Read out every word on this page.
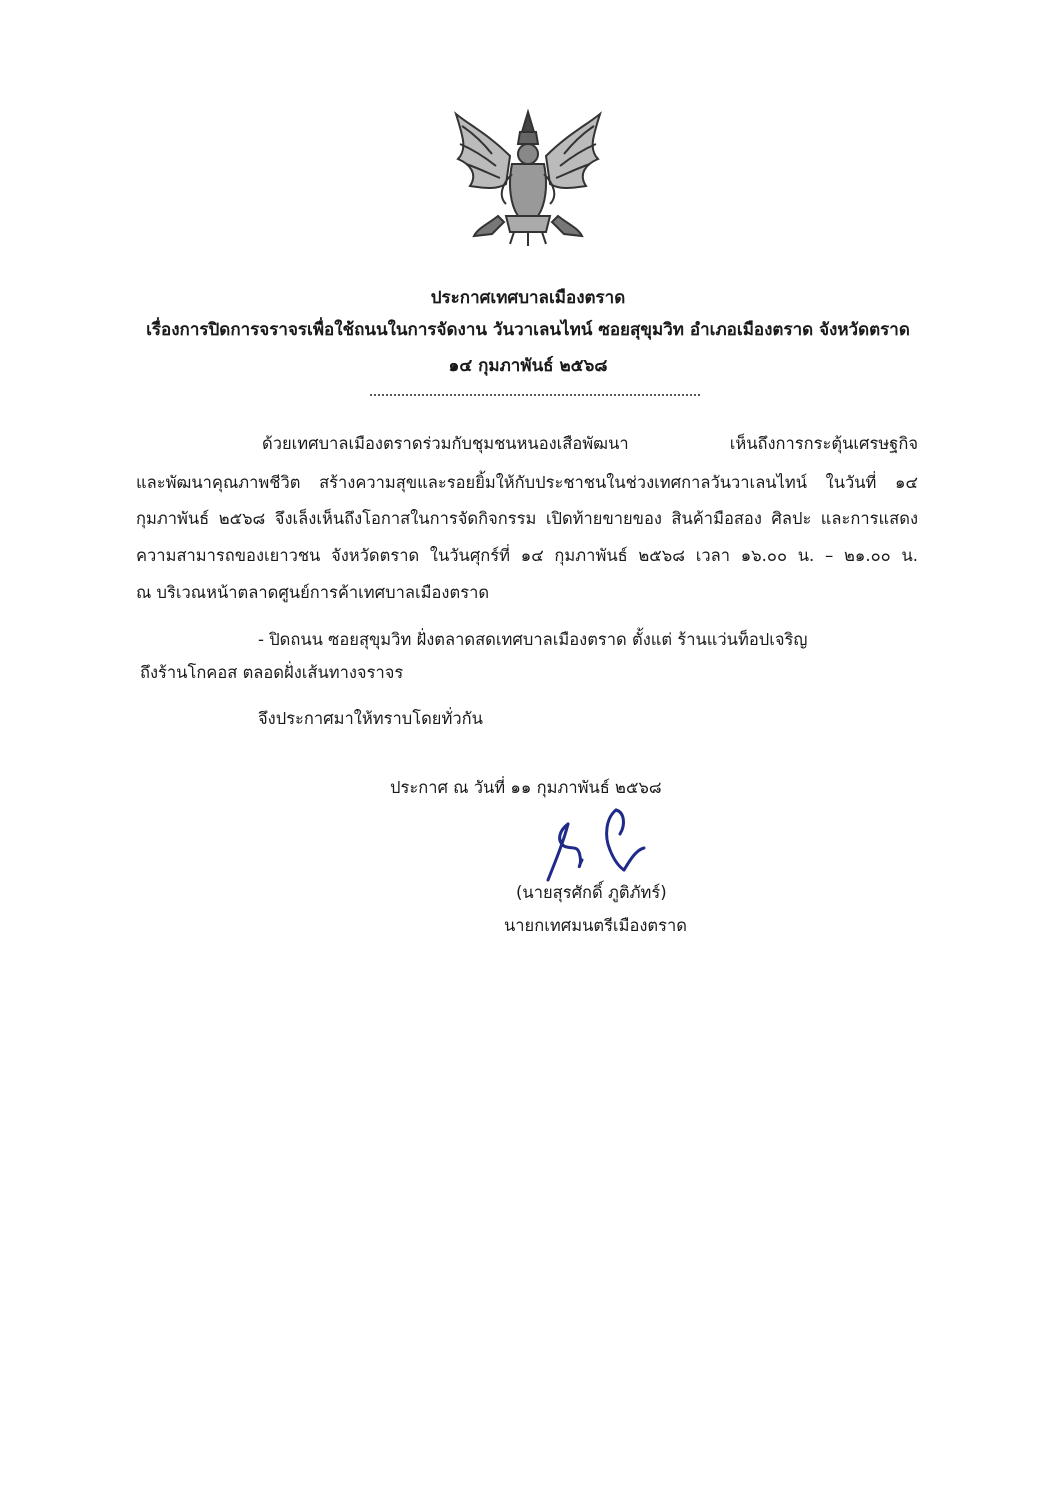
ประกาศเทศบาลเมืองตราด
เรื่องการปิดการจราจรเพื่อใช้ถนนในการจัดงาน วันวาเลนไทน์ ซอยสุขุมวิท อำเภอเมืองตราด จังหวัดตราด
๑๔ กุมภาพันธ์ ๒๕๖๘
ด้วยเทศบาลเมืองตราดร่วมกับชุมชนหนองเสือพัฒนา เห็นถึงการกระตุ้นเศรษฐกิจ
และพัฒนาคุณภาพชีวิต สร้างความสุขและรอยยิ้มให้กับประชาชนในช่วงเทศกาลวันวาเลนไทน์ ในวันที่ ๑๔
กุมภาพันธ์ ๒๕๖๘ จึงเล็งเห็นถึงโอกาสในการจัดกิจกรรม เปิดท้ายขายของ สินค้ามือสอง ศิลปะ และการแสดง
ความสามารถของเยาวชน จังหวัดตราด ในวันศุกร์ที่ ๑๔ กุมภาพันธ์ ๒๕๖๘ เวลา ๑๖.๐๐ น. – ๒๑.๐๐ น.
ณ บริเวณหน้าตลาดศูนย์การค้าเทศบาลเมืองตราด
- ปิดถนน ซอยสุขุมวิท ฝั่งตลาดสดเทศบาลเมืองตราด ตั้งแต่ ร้านแว่นท็อปเจริญ
ถึงร้านโกคอส ตลอดฝั่งเส้นทางจราจร
จึงประกาศมาให้ทราบโดยทั่วกัน
ประกาศ ณ วันที่ ๑๑ กุมภาพันธ์ ๒๕๖๘
(นายสุรศักดิ์ ภูติภัทร์)
นายกเทศมนตรีเมืองตราด
